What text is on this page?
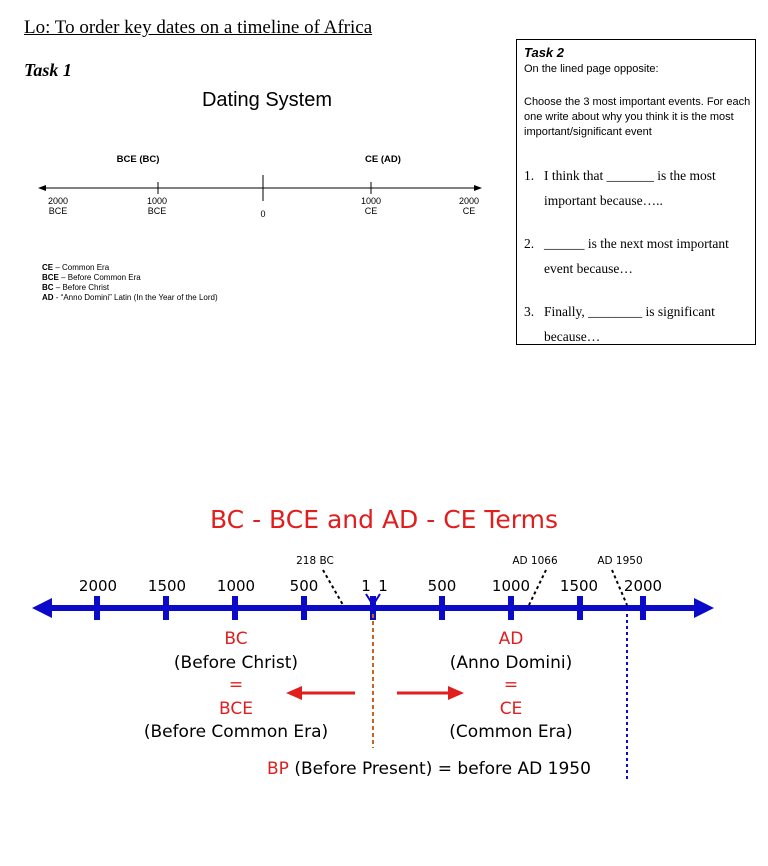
Lo: To order key dates on a timeline of Africa
Task 1
Dating System
BCE (BC)	CE (AD)
2000
BCE
1000
BCE	0
1000
CE
2000
CE
CE – Common Era
BCE – Before Common Era
BC – Before Christ
AD - “Anno Domini” Latin (In the Year of the Lord)
Task 2
On the lined page opposite:
Choose the 3 most important events. For each one write about why you think it is the most important/significant event
1. I think that _______ is the most important because…..
2. ______ is the next most important event because…
3. Finally, ________ is significant because…
BC - BCE and AD - CE Terms
2000 1500 1000 500	1 1	500 1000 1500 2000
218 BC	AD 1066	AD 1950
BC
(Before Christ)
=
BCE
(Before Common Era)
AD
(Anno Domini)
=
CE
(Common Era)
BP (Before Present) = before AD 1950
